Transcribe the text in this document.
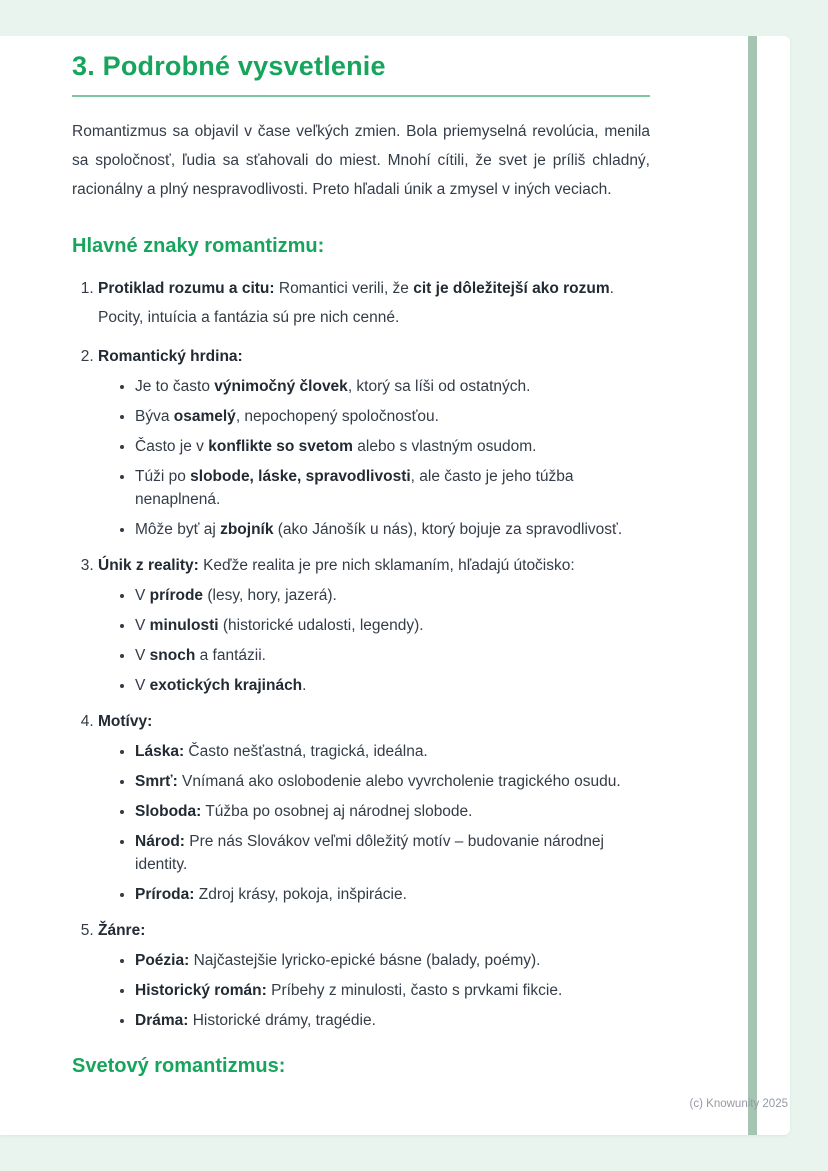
3. Podrobné vysvetlenie

Romantizmus sa objavil v čase veľkých zmien. Bola priemyselná revolúcia, menila sa spoločnosť, ľudia sa sťahovali do miest. Mnohí cítili, že svet je príliš chladný, racionálny a plný nespravodlivosti. Preto hľadali únik a zmysel v iných veciach.

Hlavné znaky romantizmu:
1. Protiklad rozumu a citu: Romantici verili, že cit je dôležitejší ako rozum. Pocity, intuícia a fantázia sú pre nich cenné.
2. Romantický hrdina:
• Je to často výnimočný človek, ktorý sa líši od ostatných.
• Býva osamelý, nepochopený spoločnosťou.
• Často je v konflikte so svetom alebo s vlastným osudom.
• Túži po slobode, láske, spravodlivosti, ale často je jeho túžba nenaplnená.
• Môže byť aj zbojník (ako Jánošík u nás), ktorý bojuje za spravodlivosť.
3. Únik z reality: Keďže realita je pre nich sklamaním, hľadajú útočisko:
• V prírode (lesy, hory, jazerá).
• V minulosti (historické udalosti, legendy).
• V snoch a fantázii.
• V exotických krajinách.
4. Motívy:
• Láska: Často nešťastná, tragická, ideálna.
• Smrť: Vnímaná ako oslobodenie alebo vyvrcholenie tragického osudu.
• Sloboda: Túžba po osobnej aj národnej slobode.
• Národ: Pre nás Slovákov veľmi dôležitý motív – budovanie národnej identity.
• Príroda: Zdroj krásy, pokoja, inšpirácie.
5. Žánre:
• Poézia: Najčastejšie lyricko-epické básne (balady, poémy).
• Historický román: Príbehy z minulosti, často s prvkami fikcie.
• Dráma: Historické drámy, tragédie.
Svetový romantizmus:
(c) Knowunity 2025
